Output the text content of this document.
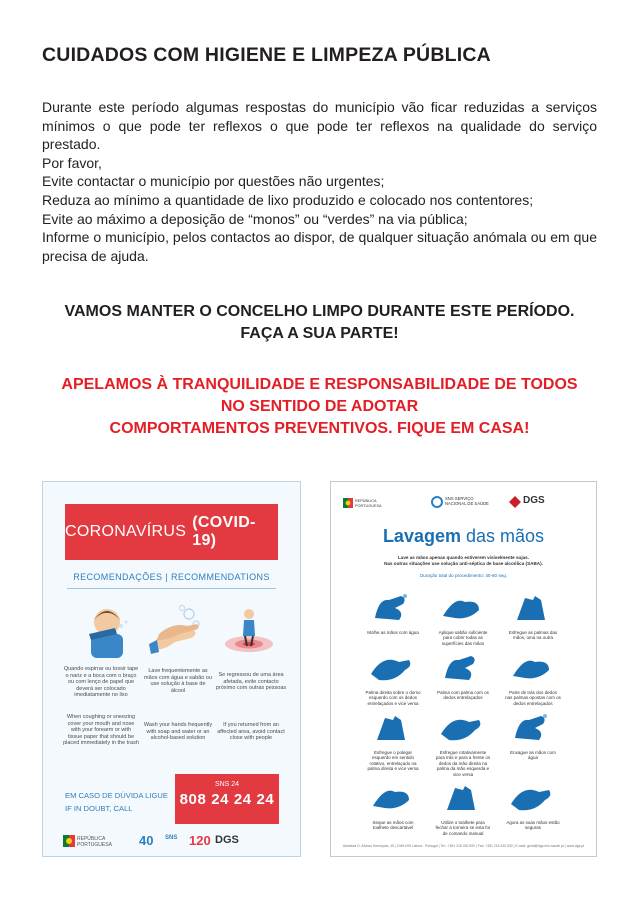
CUIDADOS COM HIGIENE E LIMPEZA PÚBLICA

Durante este período algumas respostas do município vão ficar reduzidas a serviços mínimos o que pode ter reflexos o que pode ter reflexos na qualidade do serviço prestado.

Por favor,

Evite contactar o município por questões não urgentes;

Reduza ao mínimo a quantidade de lixo produzido e colocado nos contentores;

Evite ao máximo a deposição de “monos” ou “verdes” na via pública;

Informe o município, pelos contactos ao dispor, de qualquer situação anómala ou em que precisa de ajuda.

VAMOS MANTER O CONCELHO LIMPO DURANTE ESTE PERÍODO.
FAÇA A SUA PARTE!
APELAMOS À TRANQUILIDADE E RESPONSABILIDADE DE TODOS
NO SENTIDO DE ADOTAR
COMPORTAMENTOS PREVENTIVOS. FIQUE EM CASA!
CORONAVÍRUS
(COVID-19)
RECOMENDAÇÕES | RECOMMENDATIONS
Quando espirrar ou tossir tape o nariz e a boca com o braço ou com lenço de papel que deverá ser colocado imediatamente no lixo
Lave frequentemente as mãos com água e sabão ou use solução à base de álcool
Se regressou de uma área afetada, evite contacto próximo com outras pessoas
When coughing or sneezing cover your mouth and nose with your forearm or with tissue paper that should be placed immediately in the trash
Wash your hands frequently with soap and water or an alcohol-based solution
If you returned from an affected area, avoid contact close with people
EM CASO DE DÚVIDA LIGUE
IF IN DOUBT, CALL
SNS 24
808 24 24 24
REPÚBLICA PORTUGUESA	40 SNS 120 DGS
REPÚBLICA PORTUGUESA
SNS SERVIÇO NACIONAL DE SAÚDE	DGS
Lavagem das mãos
Lave as mãos apenas quando estiverem visivelmente sujas.
Nas outras situações use solução anti-séptica de base alcoólica (SABA).
Duração total do procedimento: 40-60 seg.
Molhe as mãos com água	Aplique sabão suficiente para cobrir todas as superfícies das mãos
Esfregue as palmas das mãos, uma na outra
Palma direita sobre o dorso esquerdo com os dedos entrelaçados e vice versa
Palma com palma com os dedos entrelaçados
Parte de trás dos dedos nas palmas opostas com os dedos entrelaçados
Esfregue o polegar esquerdo em sentido rotativo, entrelaçado na palma direita e vice versa
Esfregue rotativamente para trás e para a frente os dedos da mão direita na palma da mão esquerda e vice versa
Enxague as mãos com água
Seque as mãos com toalhete descartável
Utilize o toalhete para fechar a torneira se esta for de comando manual
Agora as suas mãos estão seguras
Alameda D. Afonso Henriques, 45 | 1049-005 Lisboa - Portugal | Tel.: +351 218 430 500 | Fax: +351 218 430 530 | E-mail: geral@dgs.min-saude.pt | www.dgs.pt
